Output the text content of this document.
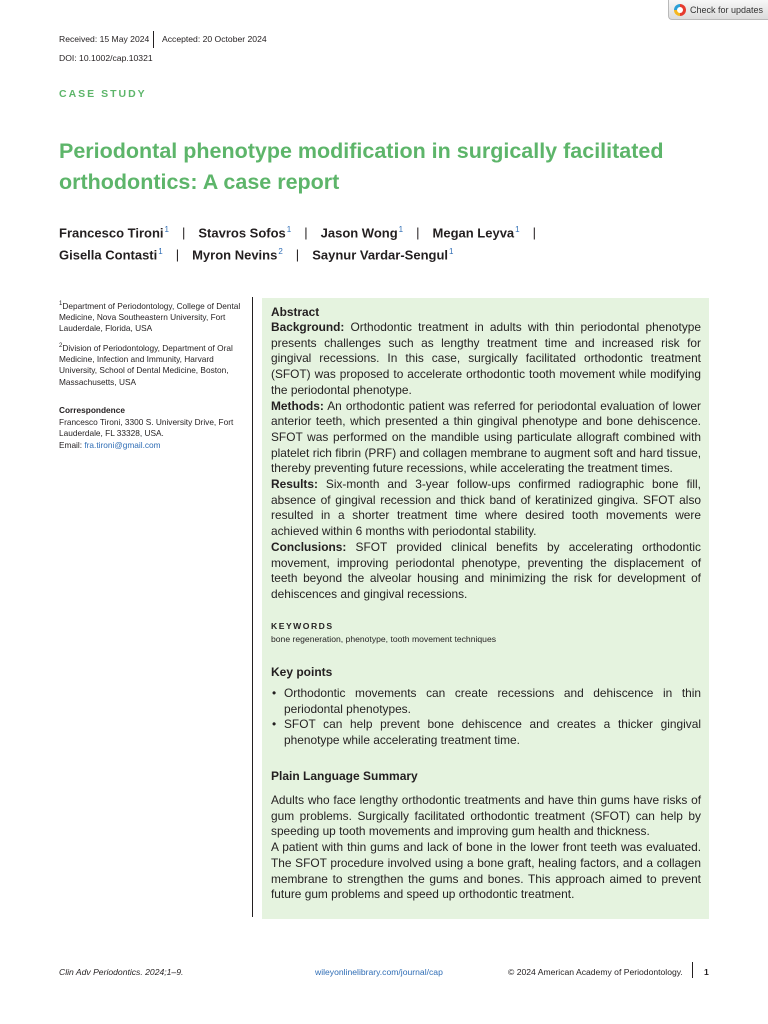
Received: 15 May 2024 Accepted: 20 October 2024
DOI: 10.1002/cap.10321
Check for updates
CASE STUDY
Periodontal phenotype modification in surgically facilitated orthodontics: A case report
Francesco Tironi$^1$ | Stavros Sofos$^1$ | Jason Wong$^1$ | Megan Leyva$^1$ |
Gisella Contasti$^1$ | Myron Nevins$^2$ | Saynur Vardar-Sengul$^1$
$^1$Department of Periodontology, College of Dental Medicine, Nova Southeastern University, Fort Lauderdale, Florida, USA
$^2$Division of Periodontology, Department of Oral Medicine, Infection and Immunity, Harvard University, School of Dental Medicine, Boston, Massachusetts, USA
Correspondence
Francesco Tironi, 3300 S. University Drive, Fort Lauderdale, FL 33328, USA.
Email: fra.tironi@gmail.com
Abstract
Background: Orthodontic treatment in adults with thin periodontal phenotype presents challenges such as lengthy treatment time and increased risk for gingival recessions. In this case, surgically facilitated orthodontic treatment (SFOT) was proposed to accelerate orthodontic tooth movement while modifying the periodontal phenotype.
Methods: An orthodontic patient was referred for periodontal evaluation of lower anterior teeth, which presented a thin gingival phenotype and bone dehiscence. SFOT was performed on the mandible using particulate allograft combined with platelet rich fibrin (PRF) and collagen membrane to augment soft and hard tissue, thereby preventing future recessions, while accelerating the treatment times.
Results: Six-month and 3-year follow-ups confirmed radiographic bone fill, absence of gingival recession and thick band of keratinized gingiva. SFOT also resulted in a shorter treatment time where desired tooth movements were achieved within 6 months with periodontal stability.
Conclusions: SFOT provided clinical benefits by accelerating orthodontic movement, improving periodontal phenotype, preventing the displacement of teeth beyond the alveolar housing and minimizing the risk for development of dehiscences and gingival recessions.
KEYWORDS
bone regeneration, phenotype, tooth movement techniques
Key points
• Orthodontic movements can create recessions and dehiscence in thin periodontal phenotypes.
• SFOT can help prevent bone dehiscence and creates a thicker gingival phenotype while accelerating treatment time.
Plain Language Summary
Adults who face lengthy orthodontic treatments and have thin gums have risks of gum problems. Surgically facilitated orthodontic treatment (SFOT) can help by speeding up tooth movements and improving gum health and thickness.
A patient with thin gums and lack of bone in the lower front teeth was evaluated. The SFOT procedure involved using a bone graft, healing factors, and a collagen membrane to strengthen the gums and bones. This approach aimed to prevent future gum problems and speed up orthodontic treatment.
Clin Adv Periodontics. 2024;1–9.	wileyonlinelibrary.com/journal/cap	© 2024 American Academy of Periodontology. 1
